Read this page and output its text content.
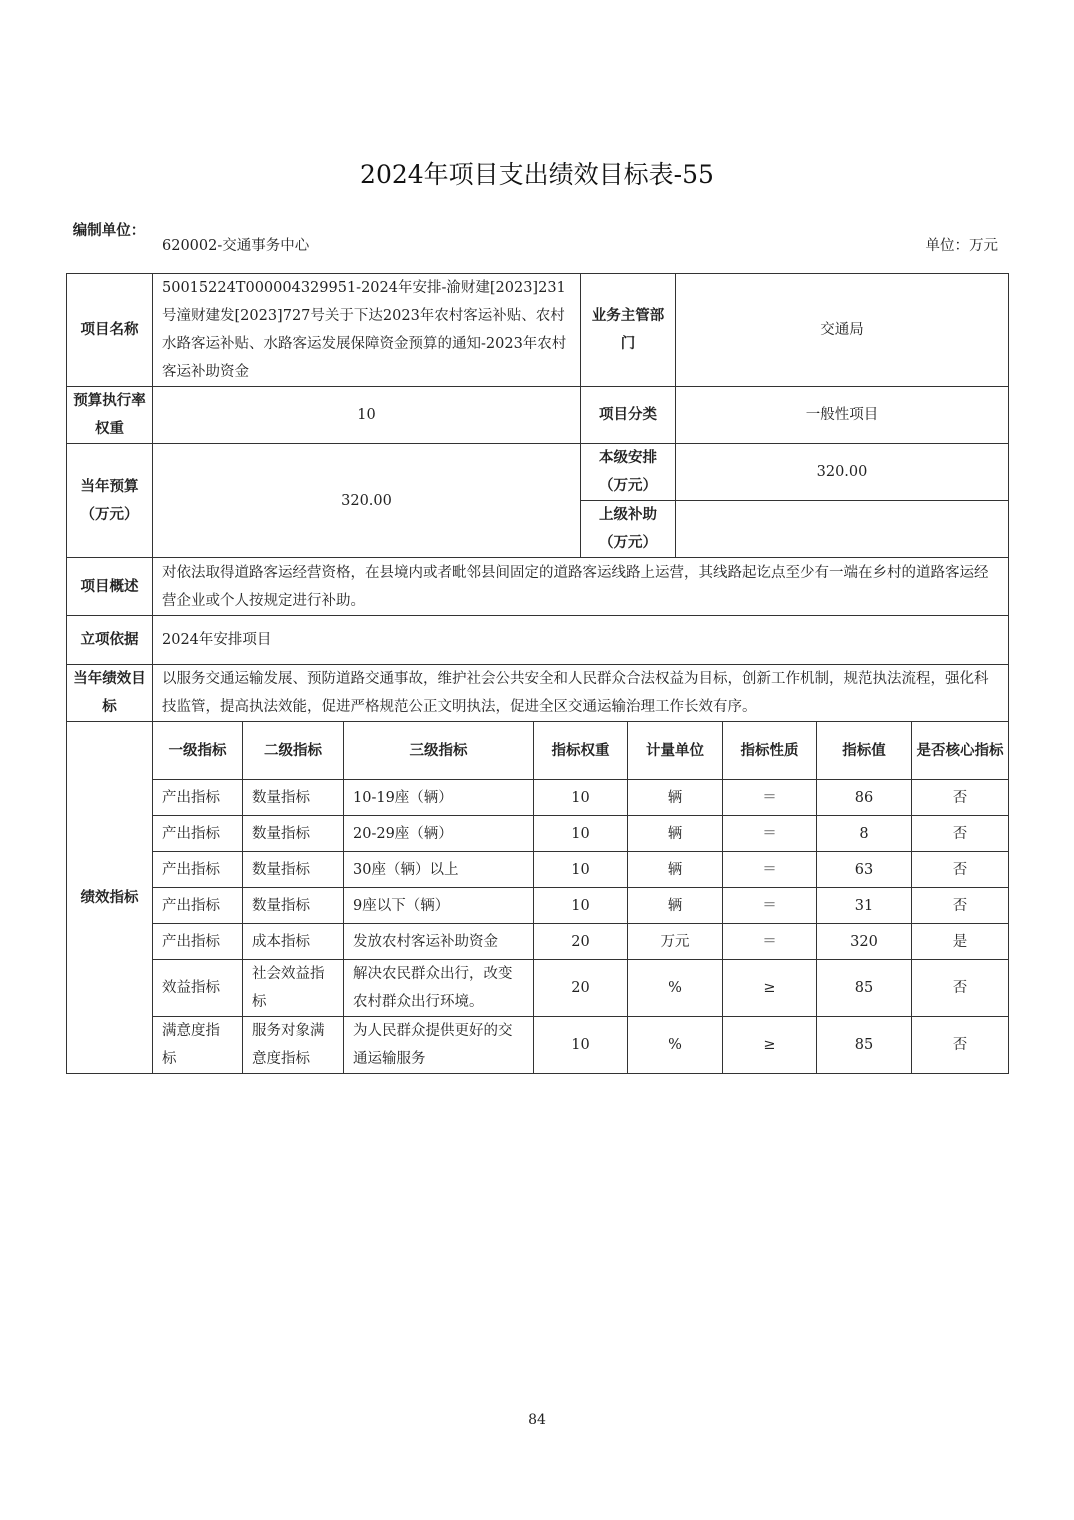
2024年项目支出绩效目标表-55
编制单位：
620002-交通事务中心	单位：万元
项目名称	50015224T000004329951-2024年安排-渝财建[2023]231号潼财建发[2023]727号关于下达2023年农村客运补贴、农村水路客运补贴、水路客运发展保障资金预算的通知-2023年农村客运补助资金	业务主管部门	交通局
预算执行率权重	10	项目分类	一般性项目
当年预算（万元）	320.00	本级安排（万元）	320.00
		上级补助（万元）	
项目概述	对依法取得道路客运经营资格，在县境内或者毗邻县间固定的道路客运线路上运营，其线路起讫点至少有一端在乡村的道路客运经营企业或个人按规定进行补助。		
立项依据	2024年安排项目		
当年绩效目标	以服务交通运输发展、预防道路交通事故，维护社会公共安全和人民群众合法权益为目标，创新工作机制，规范执法流程，强化科技监管，提高执法效能，促进严格规范公正文明执法，促进全区交通运输治理工作长效有序。		
绩效指标	一级指标	二级指标	三级指标	指标权重	计量单位	指标性质	指标值	是否核心指标
	产出指标	数量指标	10-19座（辆）	10	辆	＝	86	否
	产出指标	数量指标	20-29座（辆）	10	辆	＝	8	否
	产出指标	数量指标	30座（辆）以上	10	辆	＝	63	否
	产出指标	数量指标	9座以下（辆）	10	辆	＝	31	否
	产出指标	成本指标	发放农村客运补助资金	20	万元	＝	320	是
	效益指标	社会效益指标	解决农民群众出行，改变农村群众出行环境。	20	%	≥	85	否
	满意度指标	服务对象满意度指标	为人民群众提供更好的交通运输服务	10	%	≥	85	否
84
